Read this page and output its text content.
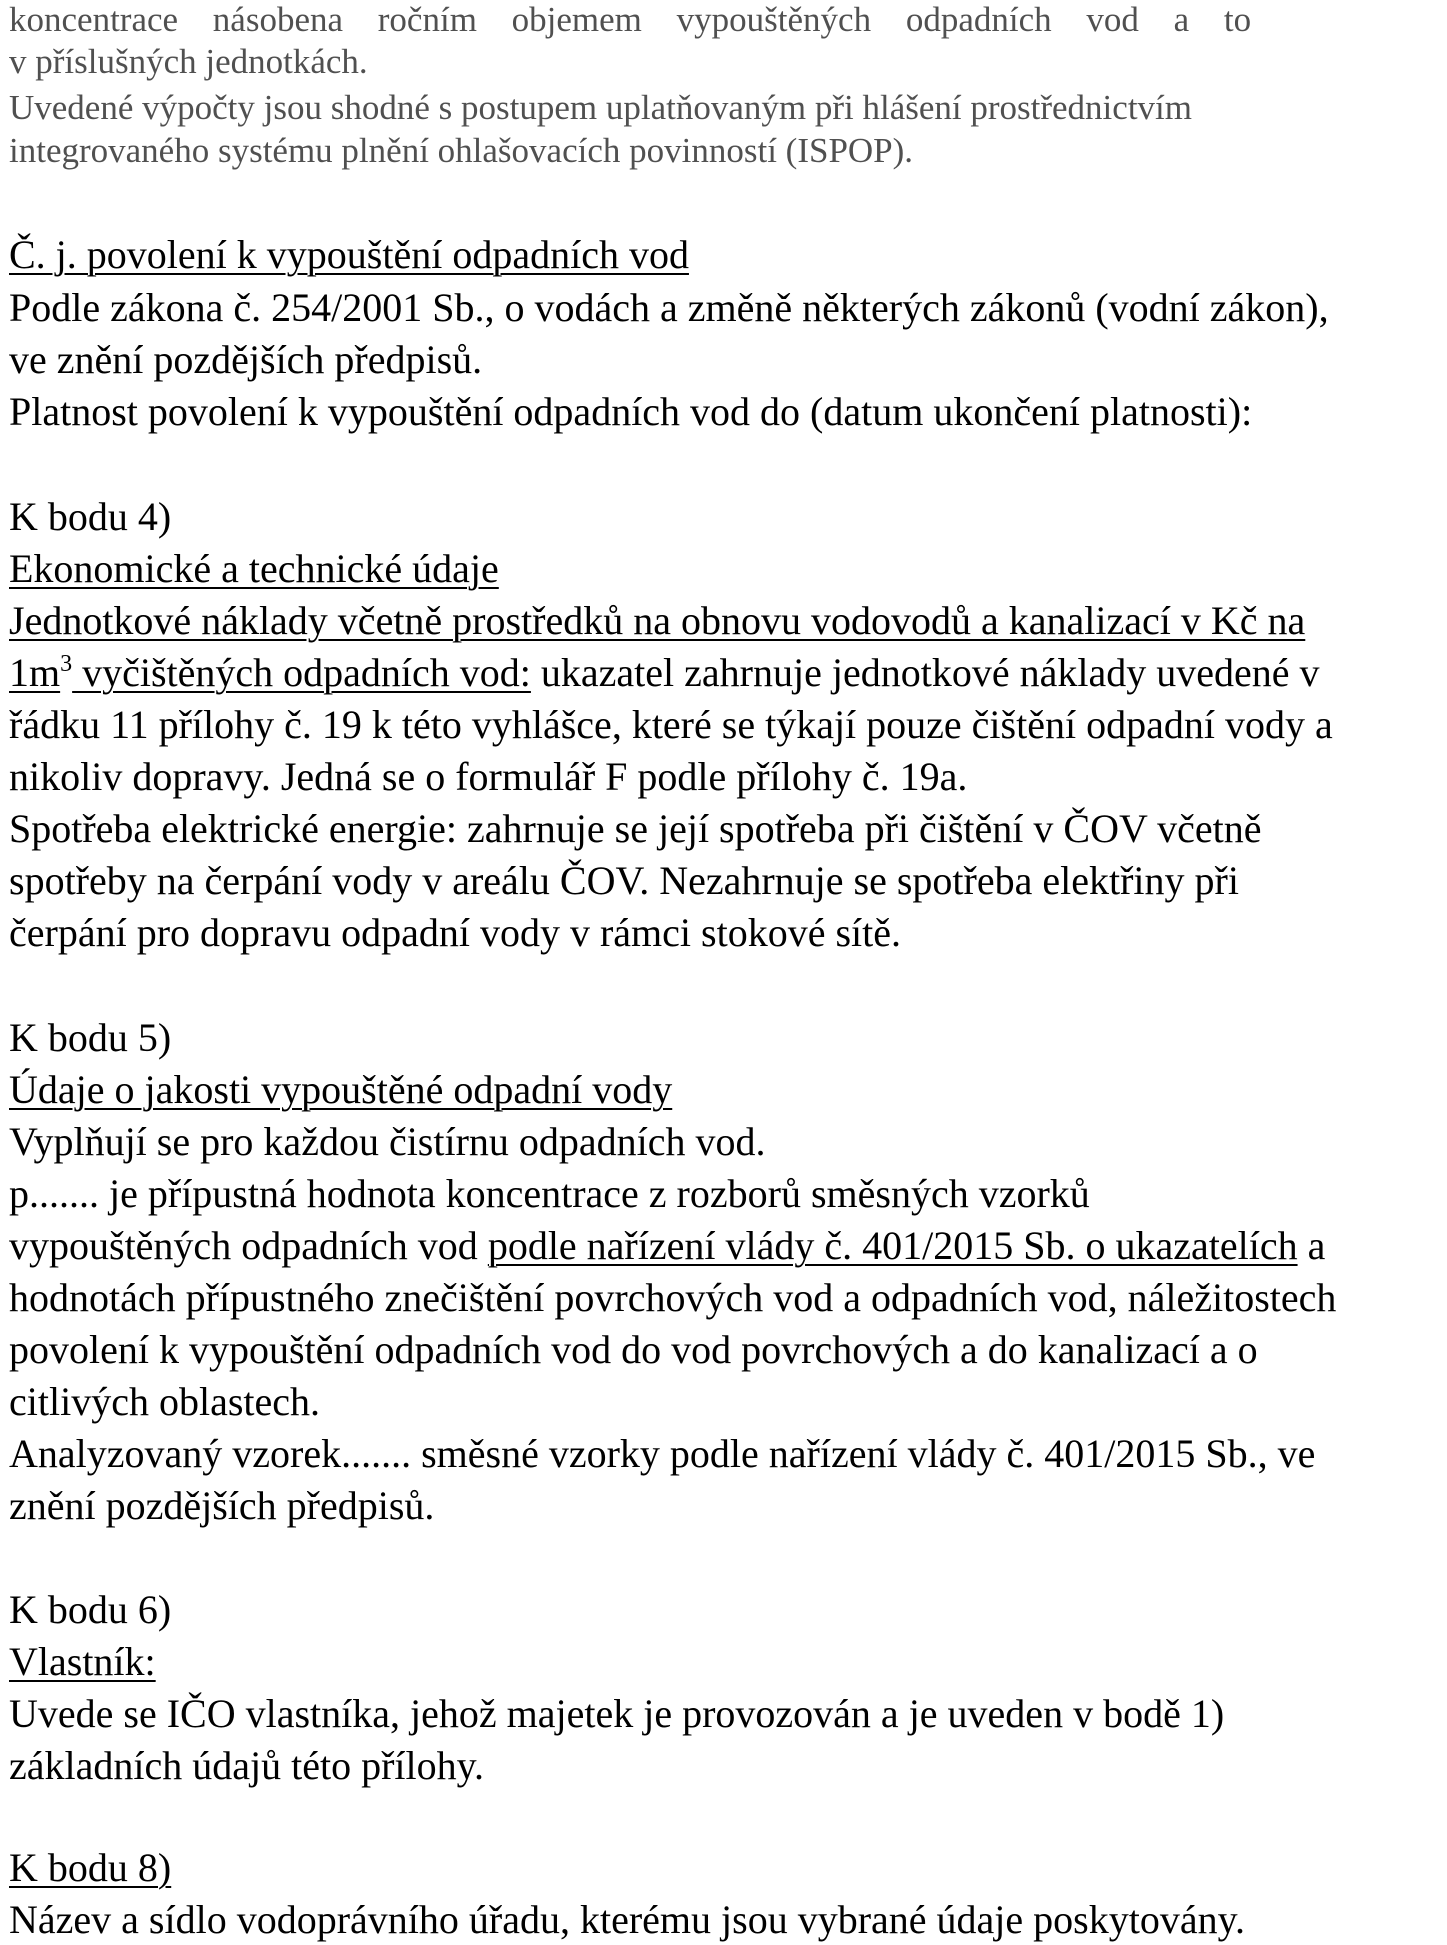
koncentrace násobena ročním objemem vypouštěných odpadních vod a to
v příslušných jednotkách.
Uvedené výpočty jsou shodné s postupem uplatňovaným při hlášení prostřednictvím
integrovaného systému plnění ohlašovacích povinností (ISPOP).
Č. j. povolení k vypouštění odpadních vod
Podle zákona č. 254/2001 Sb., o vodách a změně některých zákonů (vodní zákon),
ve znění pozdějších předpisů.
Platnost povolení k vypouštění odpadních vod do (datum ukončení platnosti):
K bodu 4)
Ekonomické a technické údaje
Jednotkové náklady včetně prostředků na obnovu vodovodů a kanalizací v Kč na
$1m^3$ vyčištěných odpadních vod: ukazatel zahrnuje jednotkové náklady uvedené v
řádku 11 přílohy č. 19 k této vyhlášce, které se týkají pouze čištění odpadní vody a
nikoliv dopravy. Jedná se o formulář F podle přílohy č. 19a.
Spotřeba elektrické energie: zahrnuje se její spotřeba při čištění v ČOV včetně
spotřeby na čerpání vody v areálu ČOV. Nezahrnuje se spotřeba elektřiny při
čerpání pro dopravu odpadní vody v rámci stokové sítě.
K bodu 5)
Údaje o jakosti vypouštěné odpadní vody
Vyplňují se pro každou čistírnu odpadních vod.
p....... je přípustná hodnota koncentrace z rozborů směsných vzorků
vypouštěných odpadních vod podle nařízení vlády č. 401/2015 Sb. o ukazatelích a
hodnotách přípustného znečištění povrchových vod a odpadních vod, náležitostech
povolení k vypouštění odpadních vod do vod povrchových a do kanalizací a o
citlivých oblastech.
Analyzovaný vzorek....... směsné vzorky podle nařízení vlády č. 401/2015 Sb., ve
znění pozdějších předpisů.
K bodu 6)
Vlastník:
Uvede se IČO vlastníka, jehož majetek je provozován a je uveden v bodě 1)
základních údajů této přílohy.
K bodu 8)
Název a sídlo vodoprávního úřadu, kterému jsou vybrané údaje poskytovány.
